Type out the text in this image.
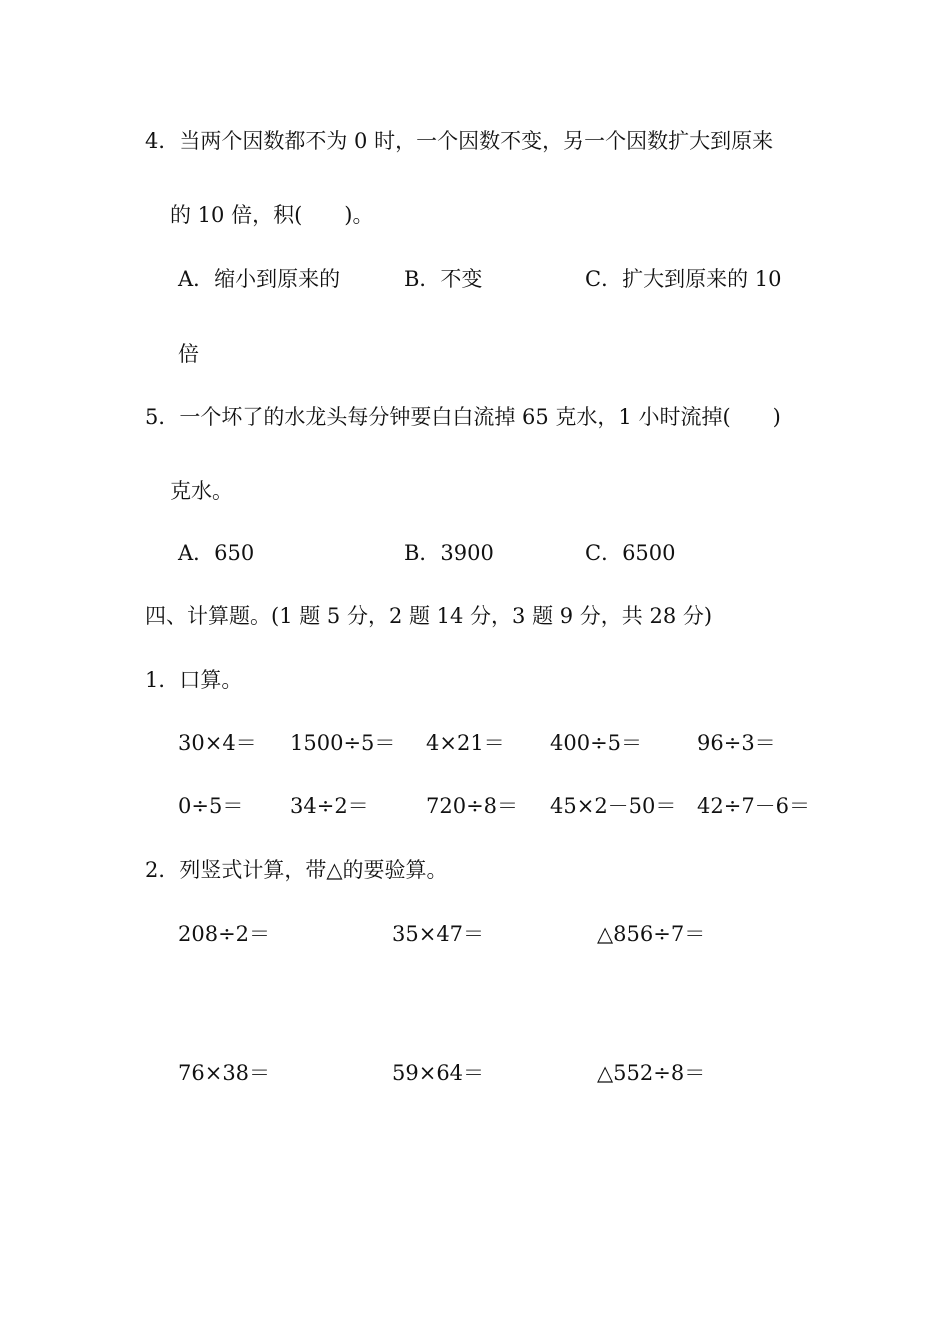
4．当两个因数都不为 0 时，一个因数不变，另一个因数扩大到原来
的 10 倍，积(　　)。
A．缩小到原来的	B．不变	C．扩大到原来的 10
倍
5．一个坏了的水龙头每分钟要白白流掉 65 克水，1 小时流掉(　　)
克水。
A．650	B．3900	C．6500
四、计算题。(1 题 5 分，2 题 14 分，3 题 9 分，共 28 分)
1．口算。
30×4＝ 1500÷5＝ 4×21＝ 400÷5＝	96÷3＝
0÷5＝ 34÷2＝	720÷8＝ 45×2－50＝ 42÷7－6＝
2．列竖式计算，带△的要验算。
208÷2＝	35×47＝	△856÷7＝
76×38＝	59×64＝	△552÷8＝
